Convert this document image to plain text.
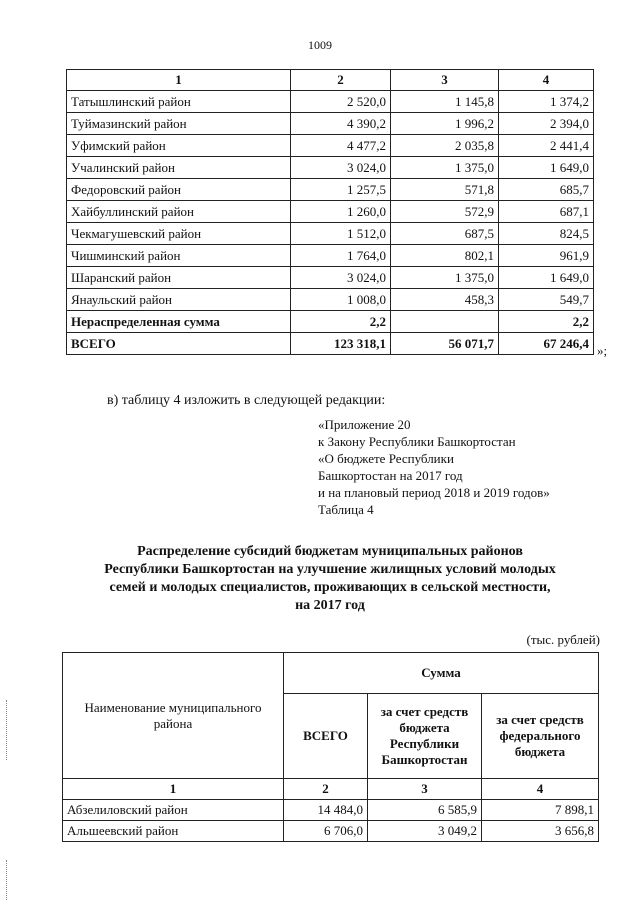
1009
1	2	3	4
Татышлинский район	2 520,0	1 145,8	1 374,2
Туймазинский район	4 390,2	1 996,2	2 394,0
Уфимский район	4 477,2	2 035,8	2 441,4
Учалинский район	3 024,0	1 375,0	1 649,0
Федоровский район	1 257,5	571,8	685,7
Хайбуллинский район	1 260,0	572,9	687,1
Чекмагушевский район	1 512,0	687,5	824,5
Чишминский район	1 764,0	802,1	961,9
Шаранский район	3 024,0	1 375,0	1 649,0
Янаульский район	1 008,0	458,3	549,7
Нераспределенная сумма	2,2		2,2
ВСЕГО	123 318,1	56 071,7	67 246,4 »;
в) таблицу 4 изложить в следующей редакции:
«Приложение 20
к Закону Республики Башкортостан
«О бюджете Республики
Башкортостан на 2017 год
и на плановый период 2018 и 2019 годов»
Таблица 4
Распределение субсидий бюджетам муниципальных районов
Республики Башкортостан на улучшение жилищных условий молодых
семей и молодых специалистов, проживающих в сельской местности,
на 2017 год
(тыс. рублей)
Наименование муниципального района	Сумма		
	ВСЕГО	за счет средств бюджета Республики Башкортостан	за счет средств федерального бюджета
1	2	3	4
Абзелиловский район	14 484,0	6 585,9	7 898,1
Альшеевский район	6 706,0	3 049,2	3 656,8
